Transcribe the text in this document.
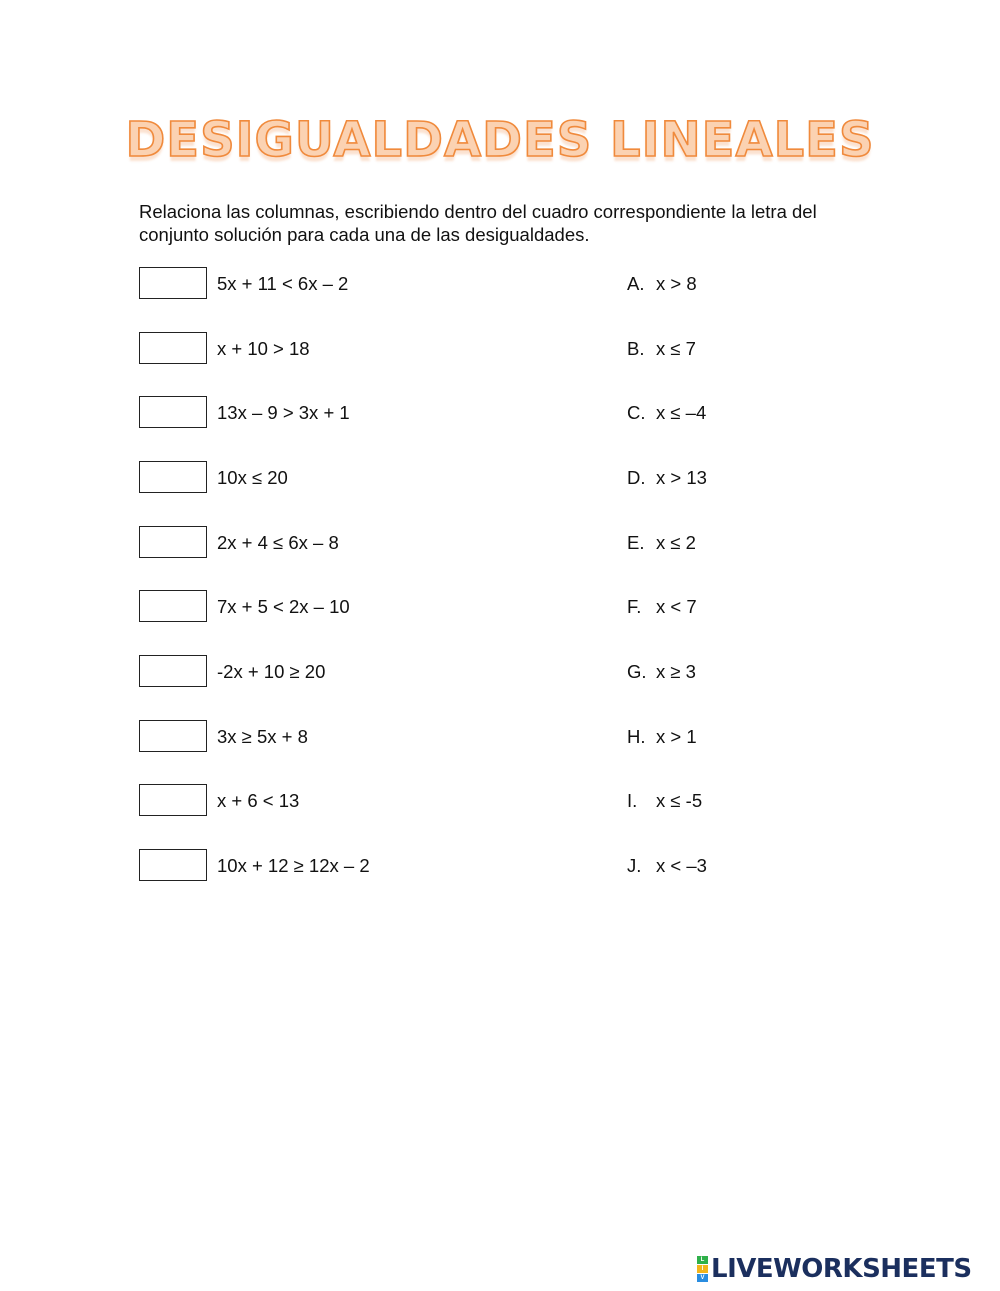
DESIGUALDADES LINEALES
Relaciona las columnas, escribiendo dentro del cuadro correspondiente la letra del conjunto solución para cada una de las desigualdades.
5x + 11 < 6x – 2	A. x > 8
x + 10 > 18	B. x ≤ 7
13x – 9 > 3x + 1	C. x ≤ –4
10x ≤ 20	D. x > 13
2x + 4 ≤ 6x – 8	E. x ≤ 2
7x + 5 < 2x – 10	F. x < 7
-2x + 10 ≥ 20	G. x ≥ 3
3x ≥ 5x + 8	H. x > 1
x + 6 < 13	I. x ≤ -5
10x + 12 ≥ 12x – 2	J. x < –3
L
I
V LIVEWORKSHEETS
